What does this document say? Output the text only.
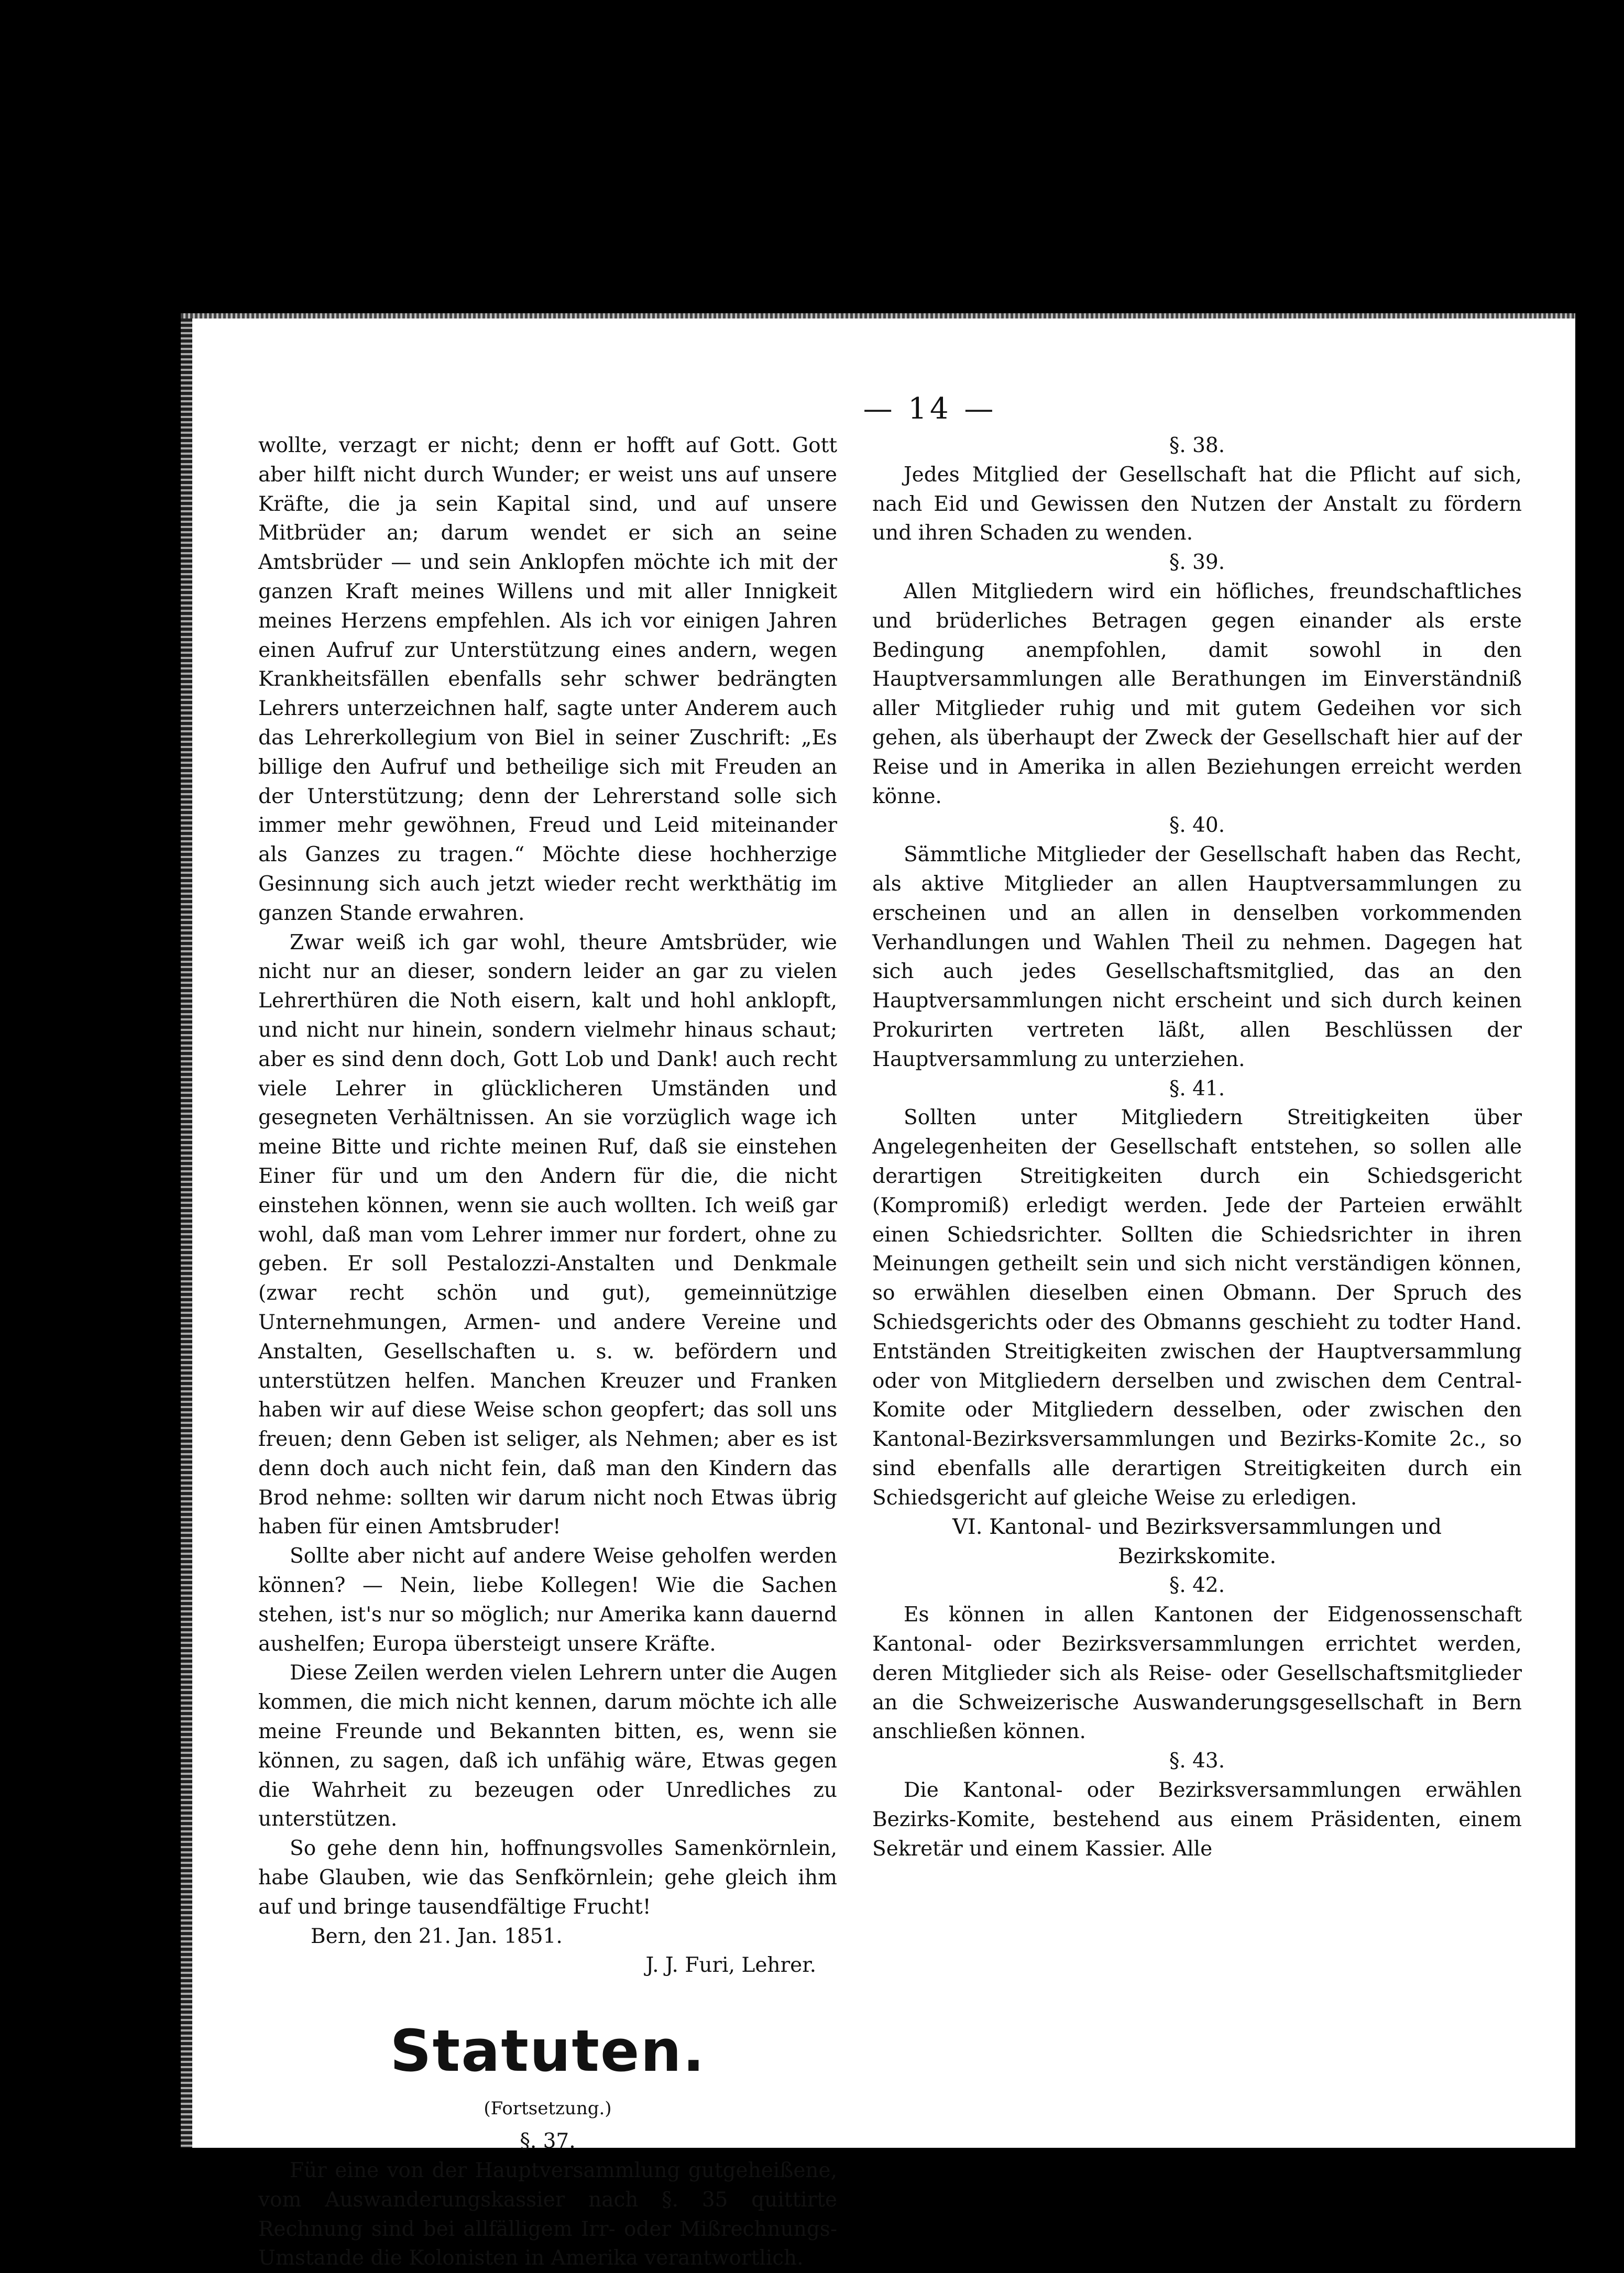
— 14 —

wollte, verzagt er nicht; denn er hofft auf Gott. Gott aber hilft nicht durch Wunder; er weist uns auf unsere Kräfte, die ja sein Kapital sind, und auf unsere Mitbrüder an; darum wendet er sich an seine Amtsbrüder — und sein Anklopfen möchte ich mit der ganzen Kraft meines Willens und mit aller Innigkeit meines Herzens empfehlen. Als ich vor einigen Jahren einen Aufruf zur Unterstützung eines andern, wegen Krankheitsfällen ebenfalls sehr schwer bedrängten Lehrers unterzeichnen half, sagte unter Anderem auch das Lehrerkollegium von Biel in seiner Zuschrift: „Es billige den Aufruf und betheilige sich mit Freuden an der Unterstützung; denn der Lehrerstand solle sich immer mehr gewöhnen, Freud und Leid miteinander als Ganzes zu tragen.“ Möchte diese hochherzige Gesinnung sich auch jetzt wieder recht werkthätig im ganzen Stande erwahren.

Zwar weiß ich gar wohl, theure Amtsbrüder, wie nicht nur an dieser, sondern leider an gar zu vielen Lehrerthüren die Noth eisern, kalt und hohl anklopft, und nicht nur hinein, sondern vielmehr hinaus schaut; aber es sind denn doch, Gott Lob und Dank! auch recht viele Lehrer in glücklicheren Umständen und gesegneten Verhältnissen. An sie vorzüglich wage ich meine Bitte und richte meinen Ruf, daß sie einstehen Einer für und um den Andern für die, die nicht einstehen können, wenn sie auch wollten. Ich weiß gar wohl, daß man vom Lehrer immer nur fordert, ohne zu geben. Er soll Pestalozzi-Anstalten und Denkmale (zwar recht schön und gut), gemeinnützige Unternehmungen, Armen- und andere Vereine und Anstalten, Gesellschaften u. s. w. befördern und unterstützen helfen. Manchen Kreuzer und Franken haben wir auf diese Weise schon geopfert; das soll uns freuen; denn Geben ist seliger, als Nehmen; aber es ist denn doch auch nicht fein, daß man den Kindern das Brod nehme: sollten wir darum nicht noch Etwas übrig haben für einen Amtsbruder!

Sollte aber nicht auf andere Weise geholfen werden können? — Nein, liebe Kollegen! Wie die Sachen stehen, ist's nur so möglich; nur Amerika kann dauernd aushelfen; Europa übersteigt unsere Kräfte.

Diese Zeilen werden vielen Lehrern unter die Augen kommen, die mich nicht kennen, darum möchte ich alle meine Freunde und Bekannten bitten, es, wenn sie können, zu sagen, daß ich unfähig wäre, Etwas gegen die Wahrheit zu bezeugen oder Unredliches zu unterstützen.

So gehe denn hin, hoffnungsvolles Samenkörnlein, habe Glauben, wie das Senfkörnlein; gehe gleich ihm auf und bringe tausendfältige Frucht!

Bern, den 21. Jan. 1851.

J. J. Furi, Lehrer.

Statuten.
(Fortsetzung.)

§. 37.

Für eine von der Hauptversammlung gutgeheißene, vom Auswanderungskassier nach §. 35 quittirte Rechnung sind bei allfälligem Irr- oder Mißrechnungs-Umstande die Kolonisten in Amerika verantwortlich.

§. 38.

Jedes Mitglied der Gesellschaft hat die Pflicht auf sich, nach Eid und Gewissen den Nutzen der Anstalt zu fördern und ihren Schaden zu wenden.

§. 39.

Allen Mitgliedern wird ein höfliches, freundschaftliches und brüderliches Betragen gegen einander als erste Bedingung anempfohlen, damit sowohl in den Hauptversammlungen alle Berathungen im Einverständniß aller Mitglieder ruhig und mit gutem Gedeihen vor sich gehen, als überhaupt der Zweck der Gesellschaft hier auf der Reise und in Amerika in allen Beziehungen erreicht werden könne.

§. 40.

Sämmtliche Mitglieder der Gesellschaft haben das Recht, als aktive Mitglieder an allen Hauptversammlungen zu erscheinen und an allen in denselben vorkommenden Verhandlungen und Wahlen Theil zu nehmen. Dagegen hat sich auch jedes Gesellschaftsmitglied, das an den Hauptversammlungen nicht erscheint und sich durch keinen Prokurirten vertreten läßt, allen Beschlüssen der Hauptversammlung zu unterziehen.

§. 41.

Sollten unter Mitgliedern Streitigkeiten über Angelegenheiten der Gesellschaft entstehen, so sollen alle derartigen Streitigkeiten durch ein Schiedsgericht (Kompromiß) erledigt werden. Jede der Parteien erwählt einen Schiedsrichter. Sollten die Schiedsrichter in ihren Meinungen getheilt sein und sich nicht verständigen können, so erwählen dieselben einen Obmann. Der Spruch des Schiedsgerichts oder des Obmanns geschieht zu todter Hand. Entständen Streitigkeiten zwischen der Hauptversammlung oder von Mitgliedern derselben und zwischen dem Central-Komite oder Mitgliedern desselben, oder zwischen den Kantonal-Bezirksversammlungen und Bezirks-Komite 2c., so sind ebenfalls alle derartigen Streitigkeiten durch ein Schiedsgericht auf gleiche Weise zu erledigen.

VI. Kantonal- und Bezirksversammlungen und Bezirkskomite.

§. 42.

Es können in allen Kantonen der Eidgenossenschaft Kantonal- oder Bezirksversammlungen errichtet werden, deren Mitglieder sich als Reise- oder Gesellschaftsmitglieder an die Schweizerische Auswanderungsgesellschaft in Bern anschließen können.

§. 43.

Die Kantonal- oder Bezirksversammlungen erwählen Bezirks-Komite, bestehend aus einem Präsidenten, einem Sekretär und einem Kassier. Alle
